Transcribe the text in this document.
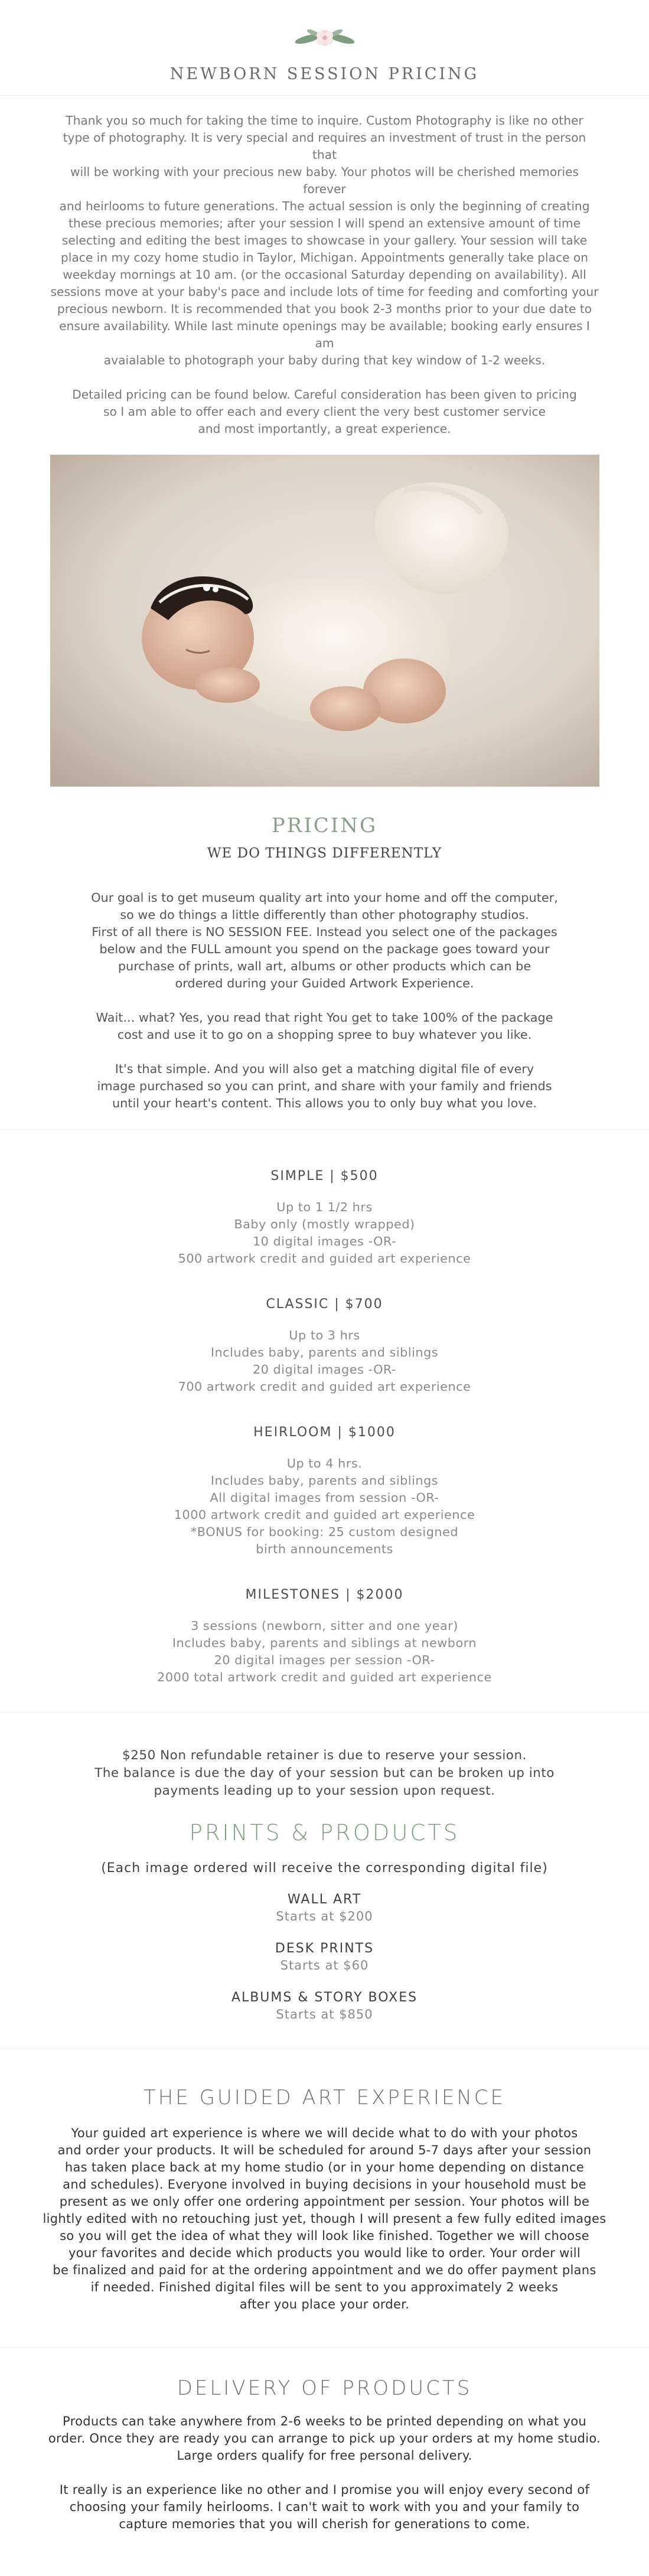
NEWBORN SESSION PRICING

Thank you so much for taking the time to inquire. Custom Photography is like no other
type of photography. It is very special and requires an investment of trust in the person that
will be working with your precious new baby. Your photos will be cherished memories forever
and heirlooms to future generations. The actual session is only the beginning of creating
these precious memories; after your session I will spend an extensive amount of time
selecting and editing the best images to showcase in your gallery. Your session will take
place in my cozy home studio in Taylor, Michigan. Appointments generally take place on
weekday mornings at 10 am. (or the occasional Saturday depending on availability). All
sessions move at your baby's pace and include lots of time for feeding and comforting your
precious newborn. It is recommended that you book 2-3 months prior to your due date to
ensure availability. While last minute openings may be available; booking early ensures I am
avaialable to photograph your baby during that key window of 1-2 weeks.

Detailed pricing can be found below. Careful consideration has been given to pricing
so I am able to offer each and every client the very best customer service
and most importantly, a great experience.

PRICING
WE DO THINGS DIFFERENTLY

Our goal is to get museum quality art into your home and off the computer,
so we do things a little differently than other photography studios.
First of all there is NO SESSION FEE. Instead you select one of the packages
below and the FULL amount you spend on the package goes toward your
purchase of prints, wall art, albums or other products which can be
ordered during your Guided Artwork Experience.

Wait... what? Yes, you read that right You get to take 100% of the package
cost and use it to go on a shopping spree to buy whatever you like.

It's that simple. And you will also get a matching digital file of every
image purchased so you can print, and share with your family and friends
until your heart's content. This allows you to only buy what you love.

SIMPLE | $500
Up to 1 1/2 hrs
Baby only (mostly wrapped)
10 digital images -OR-
500 artwork credit and guided art experience
CLASSIC | $700
Up to 3 hrs
Includes baby, parents and siblings
20 digital images -OR-
700 artwork credit and guided art experience
HEIRLOOM | $1000
Up to 4 hrs.
Includes baby, parents and siblings
All digital images from session -OR-
1000 artwork credit and guided art experience
*BONUS for booking: 25 custom designed
birth announcements
MILESTONES | $2000
3 sessions (newborn, sitter and one year)
Includes baby, parents and siblings at newborn
20 digital images per session -OR-
2000 total artwork credit and guided art experience
$250 Non refundable retainer is due to reserve your session.
The balance is due the day of your session but can be broken up into
payments leading up to your session upon request.
PRINTS & PRODUCTS
(Each image ordered will receive the corresponding digital file)
WALL ART
Starts at $200
DESK PRINTS
Starts at $60
ALBUMS & STORY BOXES
Starts at $850
THE GUIDED ART EXPERIENCE
Your guided art experience is where we will decide what to do with your photos
and order your products. It will be scheduled for around 5-7 days after your session
has taken place back at my home studio (or in your home depending on distance
and schedules). Everyone involved in buying decisions in your household must be
present as we only offer one ordering appointment per session. Your photos will be
lightly edited with no retouching just yet, though I will present a few fully edited images
so you will get the idea of what they will look like finished. Together we will choose
your favorites and decide which products you would like to order. Your order will
be finalized and paid for at the ordering appointment and we do offer payment plans
if needed. Finished digital files will be sent to you approximately 2 weeks
after you place your order.
DELIVERY OF PRODUCTS
Products can take anywhere from 2-6 weeks to be printed depending on what you
order. Once they are ready you can arrange to pick up your orders at my home studio.
Large orders qualify for free personal delivery.
It really is an experience like no other and I promise you will enjoy every second of
choosing your family heirlooms. I can't wait to work with you and your family to
capture memories that you will cherish for generations to come.
